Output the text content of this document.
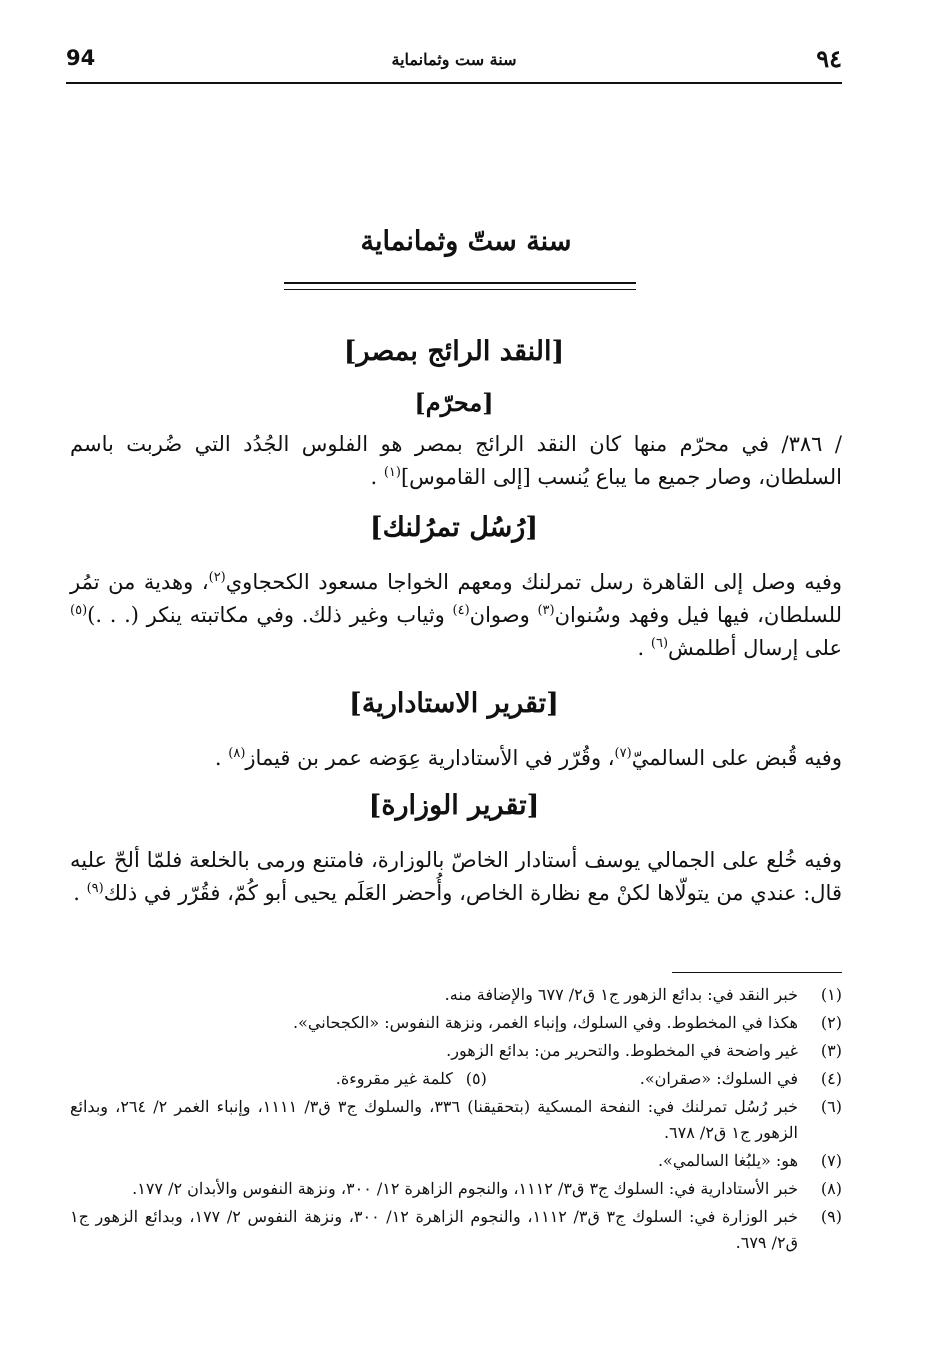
94	سنة ست وثمانماية	٩٤
سنة ستّ وثمانماية
[النقد الرائج بمصر]
[محرّم]
/ ٣٨٦/ في محرّم منها كان النقد الرائج بمصر هو الفلوس الجُدُد التي ضُربت باسم السلطان، وصار جميع ما يباع يُنسب [إلى القاموس]$^{(١)}$ .
[رُسُل تمرُلنك]
وفيه وصل إلى القاهرة رسل تمرلنك ومعهم الخواجا مسعود الكحجاوي$^{(٢)}$، وهدية من تمُر للسلطان، فيها فيل وفهد وسُنوان$^{(٣)}$ وصوان$^{(٤)}$ وثياب وغير ذلك. وفي مكاتبته ينكر (. . .)$^{(٥)}$ على إرسال أطلمش$^{(٦)}$ .
[تقرير الاستادارية]
وفيه قُبض على السالميّ$^{(٧)}$، وقُرّر في الأستادارية عِوَضه عمر بن قيماز$^{(٨)}$ .
[تقرير الوزارة]
وفيه خُلع على الجمالي يوسف أستادار الخاصّ بالوزارة، فامتنع ورمى بالخلعة فلمّا ألحّ عليه قال: عندي من يتولّاها لكنْ مع نظارة الخاص، وأُحضر العَلَم يحيى أبو كُمّ، فقُرّر في ذلك$^{(٩)}$ .
(١)
خبر النقد في: بدائع الزهور ج١ ق٢/ ٦٧٧ والإضافة منه.
(٢)
هكذا في المخطوط. وفي السلوك، وإنباء الغمر، ونزهة النفوس: «الكجحاني».
(٣)
غير واضحة في المخطوط. والتحرير من: بدائع الزهور.
(٤)
في السلوك: «صقران».
(٥)
كلمة غير مقروءة.
(٦)
خبر رُسُل تمرلنك في: النفحة المسكية (بتحقيقنا) ٣٣٦، والسلوك ج٣ ق٣/ ١١١١، وإنباء الغمر ٢/ ٢٦٤، وبدائع الزهور ج١ ق٢/ ٦٧٨.
(٧)
هو: «يلبُغا السالمي».
(٨)
خبر الأستادارية في: السلوك ج٣ ق٣/ ١١١٢، والنجوم الزاهرة ١٢/ ٣٠٠، ونزهة النفوس والأبدان ٢/ ١٧٧.
(٩)
خبر الوزارة في: السلوك ج٣ ق٣/ ١١١٢، والنجوم الزاهرة ١٢/ ٣٠٠، ونزهة النفوس ٢/ ١٧٧، وبدائع الزهور ج١ ق٢/ ٦٧٩.
